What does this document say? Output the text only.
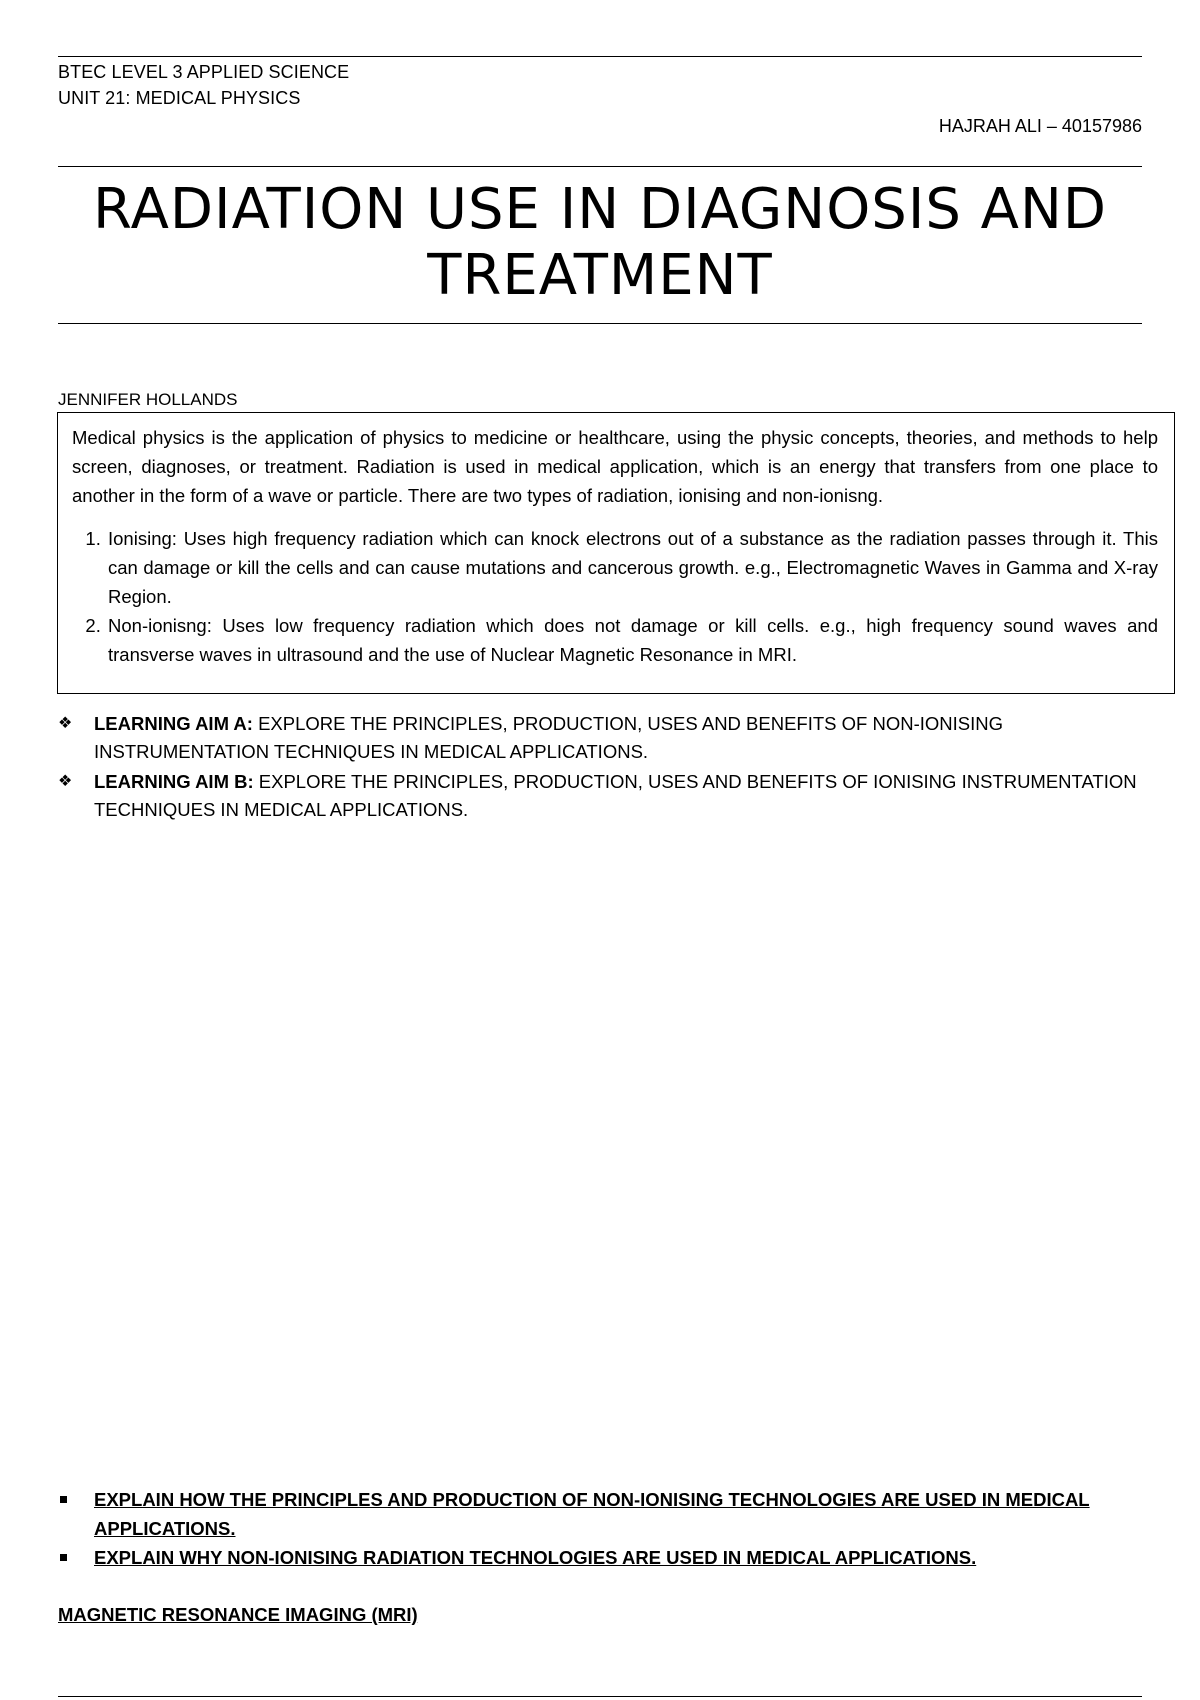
BTEC LEVEL 3 APPLIED SCIENCE
UNIT 21: MEDICAL PHYSICS
HAJRAH ALI – 40157986
RADIATION USE IN DIAGNOSIS AND
TREATMENT
JENNIFER HOLLANDS

Medical physics is the application of physics to medicine or healthcare, using the physic concepts, theories, and methods to help screen, diagnoses, or treatment. Radiation is used in medical application, which is an energy that transfers from one place to another in the form of a wave or particle. There are two types of radiation, ionising and non-ionisng.

1. Ionising: Uses high frequency radiation which can knock electrons out of a substance as the radiation passes through it. This can damage or kill the cells and can cause mutations and cancerous growth. e.g., Electromagnetic Waves in Gamma and X-ray Region.
2. Non-ionisng: Uses low frequency radiation which does not damage or kill cells. e.g., high frequency sound waves and transverse waves in ultrasound and the use of Nuclear Magnetic Resonance in MRI.
❖ LEARNING AIM A: EXPLORE THE PRINCIPLES, PRODUCTION, USES AND BENEFITS OF NON-IONISING INSTRUMENTATION TECHNIQUES IN MEDICAL APPLICATIONS.
❖ LEARNING AIM B: EXPLORE THE PRINCIPLES, PRODUCTION, USES AND BENEFITS OF IONISING INSTRUMENTATION TECHNIQUES IN MEDICAL APPLICATIONS.
EXPLAIN HOW THE PRINCIPLES AND PRODUCTION OF NON-IONISING TECHNOLOGIES ARE USED IN MEDICAL APPLICATIONS.
EXPLAIN WHY NON-IONISING RADIATION TECHNOLOGIES ARE USED IN MEDICAL APPLICATIONS.
MAGNETIC RESONANCE IMAGING (MRI)
